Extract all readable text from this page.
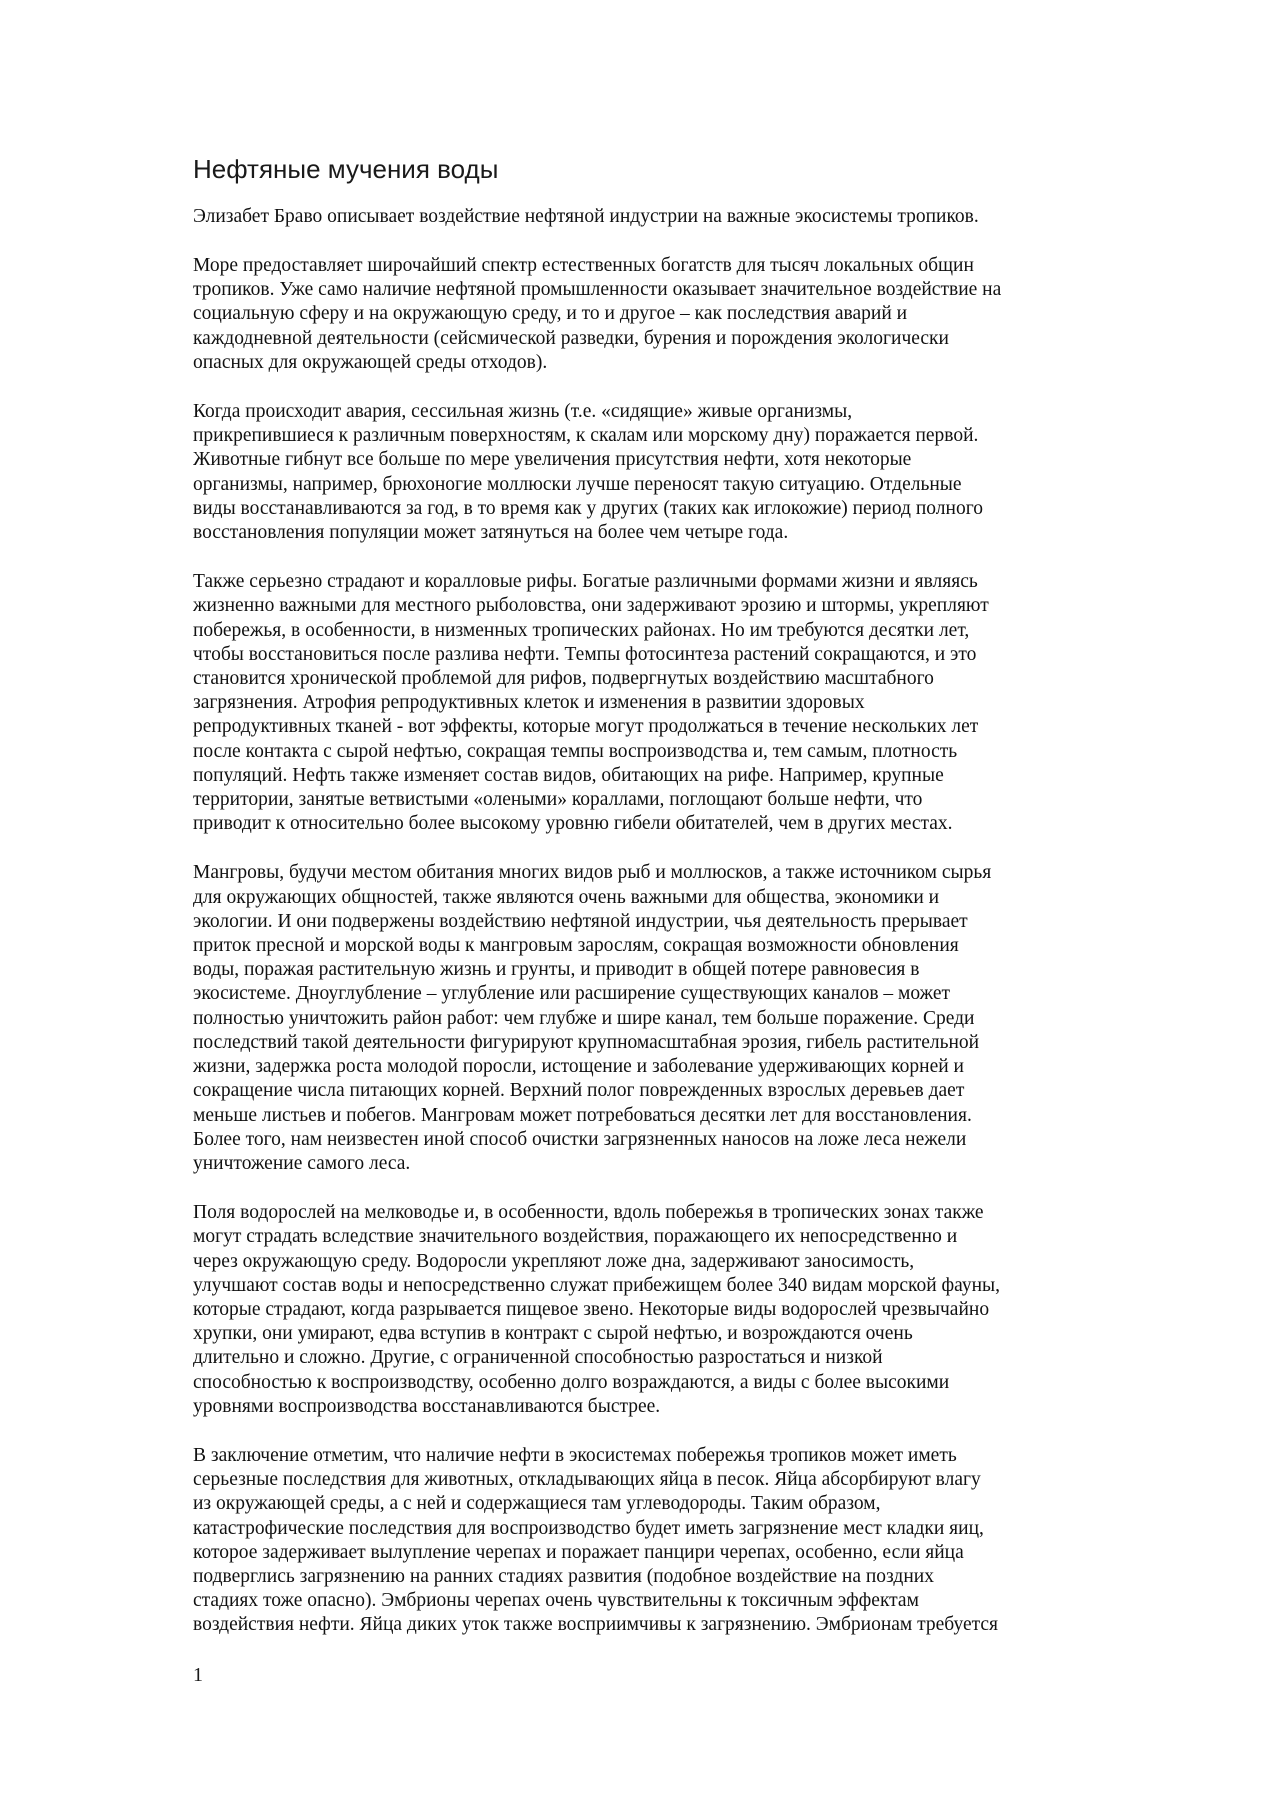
Нефтяные мучения воды

Элизабет Браво описывает воздействие нефтяной индустрии на важные экосистемы тропиков.

Море предоставляет широчайший спектр естественных богатств для тысяч локальных общин
тропиков. Уже само наличие нефтяной промышленности оказывает значительное воздействие на
социальную сферу и на окружающую среду, и то и другое – как последствия аварий и
каждодневной деятельности (сейсмической разведки, бурения и порождения экологически
опасных для окружающей среды отходов).

Когда происходит авария, сессильная жизнь (т.е. «сидящие» живые организмы,
прикрепившиеся к различным поверхностям, к скалам или морскому дну) поражается первой.
Животные гибнут все больше по мере увеличения присутствия нефти, хотя некоторые
организмы, например, брюхоногие моллюски лучше переносят такую ситуацию. Отдельные
виды восстанавливаются за год, в то время как у других (таких как иглокожие) период полного
восстановления популяции может затянуться на более чем четыре года.

Также серьезно страдают и коралловые рифы. Богатые различными формами жизни и являясь
жизненно важными для местного рыболовства, они задерживают эрозию и штормы, укрепляют
побережья, в особенности, в низменных тропических районах. Но им требуются десятки лет,
чтобы восстановиться после разлива нефти. Темпы фотосинтеза растений сокращаются, и это
становится хронической проблемой для рифов, подвергнутых воздействию масштабного
загрязнения. Атрофия репродуктивных клеток и изменения в развитии здоровых
репродуктивных тканей - вот эффекты, которые могут продолжаться в течение нескольких лет
после контакта с сырой нефтью, сокращая темпы воспроизводства и, тем самым, плотность
популяций. Нефть также изменяет состав видов, обитающих на рифе. Например, крупные
территории, занятые ветвистыми «олеными» кораллами, поглощают больше нефти, что
приводит к относительно более высокому уровню гибели обитателей, чем в других местах.

Мангровы, будучи местом обитания многих видов рыб и моллюсков, а также источником сырья
для окружающих общностей, также являются очень важными для общества, экономики и
экологии. И они подвержены воздействию нефтяной индустрии, чья деятельность прерывает
приток пресной и морской воды к мангровым зарослям, сокращая возможности обновления
воды, поражая растительную жизнь и грунты, и приводит в общей потере равновесия в
экосистеме. Дноуглубление – углубление или расширение существующих каналов – может
полностью уничтожить район работ: чем глубже и шире канал, тем больше поражение. Среди
последствий такой деятельности фигурируют крупномасштабная эрозия, гибель растительной
жизни, задержка роста молодой поросли, истощение и заболевание удерживающих корней и
сокращение числа питающих корней. Верхний полог поврежденных взрослых деревьев дает
меньше листьев и побегов. Мангровам может потребоваться десятки лет для восстановления.
Более того, нам неизвестен иной способ очистки загрязненных наносов на ложе леса нежели
уничтожение самого леса.

Поля водорослей на мелководье и, в особенности, вдоль побережья в тропических зонах также
могут страдать вследствие значительного воздействия, поражающего их непосредственно и
через окружающую среду. Водоросли укрепляют ложе дна, задерживают заносимость,
улучшают состав воды и непосредственно служат прибежищем более 340 видам морской фауны,
которые страдают, когда разрывается пищевое звено. Некоторые виды водорослей чрезвычайно
хрупки, они умирают, едва вступив в контракт с сырой нефтью, и возрождаются очень
длительно и сложно. Другие, с ограниченной способностью разростаться и низкой
способностью к воспроизводству, особенно долго возраждаются, а виды с более высокими
уровнями воспроизводства восстанавливаются быстрее.

В заключение отметим, что наличие нефти в экосистемах побережья тропиков может иметь
серьезные последствия для животных, откладывающих яйца в песок. Яйца абсорбируют влагу
из окружающей среды, а с ней и содержащиеся там углеводороды. Таким образом,
катастрофические последствия для воспроизводство будет иметь загрязнение мест кладки яиц,
которое задерживает вылупление черепах и поражает панцири черепах, особенно, если яйца
подверглись загрязнению на ранних стадиях развития (подобное воздействие на поздних
стадиях тоже опасно). Эмбрионы черепах очень чувствительны к токсичным эффектам
воздействия нефти. Яйца диких уток также восприимчивы к загрязнению. Эмбрионам требуется

1
